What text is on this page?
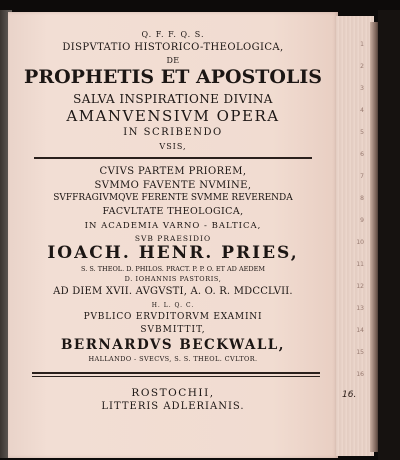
1
2
3
4
5
6
7
8
9
10
11
12
13
14
15
16
Q. F. F. Q. S.
DISPVTATIO HISTORICO-THEOLOGICA,
DE
PROPHETIS ET APOSTOLIS
SALVA INSPIRATIONE DIVINA
AMANVENSIVM OPERA
IN SCRIBENDO
VSIS,
CVIVS PARTEM PRIOREM,
SVMMO FAVENTE NVMINE,
SVFFRAGIVMQVE FERENTE SVMME REVERENDA
FACVLTATE THEOLOGICA,
IN ACADEMIA VARNO - BALTICA,
SVB PRAESIDIO
IOACH. HENR. PRIES,
S. S. THEOL. D. PHILOS. PRACT. P. P. O. ET AD AEDEM
D. IOHANNIS PASTORIS,
AD DIEM XVII. AVGVSTI, A. O. R. MDCCLVII.
H. L. Q. C.
PVBLICO ERVDITORVM EXAMINI
SVBMITTIT,
BERNARDVS BECKWALL,
HALLANDO - SVECVS, S. S. THEOL. CVLTOR.
ROSTOCHII,
LITTERIS ADLERIANIS.
16.
